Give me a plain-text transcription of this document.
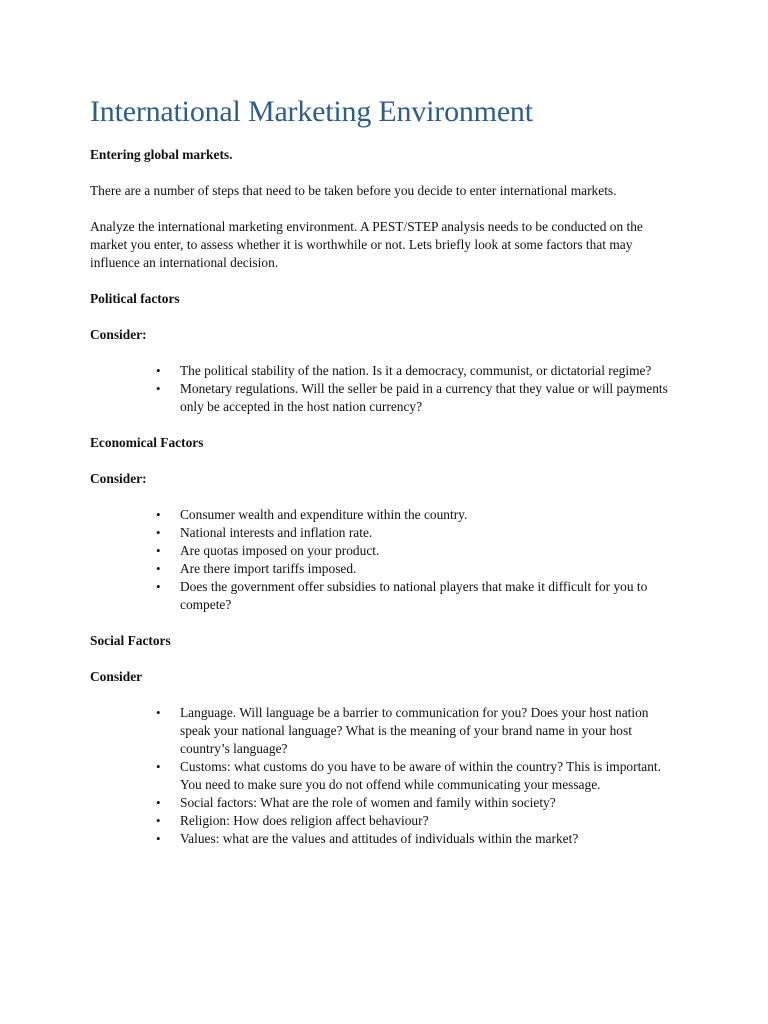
International Marketing Environment

Entering global markets.

There are a number of steps that need to be taken before you decide to enter international markets.

Analyze the international marketing environment. A PEST/STEP analysis needs to be conducted on the market you enter, to assess whether it is worthwhile or not. Lets briefly look at some factors that may influence an international decision.

Political factors

Consider:

• The political stability of the nation. Is it a democracy, communist, or dictatorial regime?
• Monetary regulations. Will the seller be paid in a currency that they value or will payments only be accepted in the host nation currency?

Economical Factors

Consider:

• Consumer wealth and expenditure within the country.
• National interests and inflation rate.
• Are quotas imposed on your product.
• Are there import tariffs imposed.
• Does the government offer subsidies to national players that make it difficult for you to compete?

Social Factors

Consider

• Language. Will language be a barrier to communication for you? Does your host nation speak your national language? What is the meaning of your brand name in your host country’s language?
• Customs: what customs do you have to be aware of within the country? This is important. You need to make sure you do not offend while communicating your message.
• Social factors: What are the role of women and family within society?
• Religion: How does religion affect behaviour?
• Values: what are the values and attitudes of individuals within the market?
